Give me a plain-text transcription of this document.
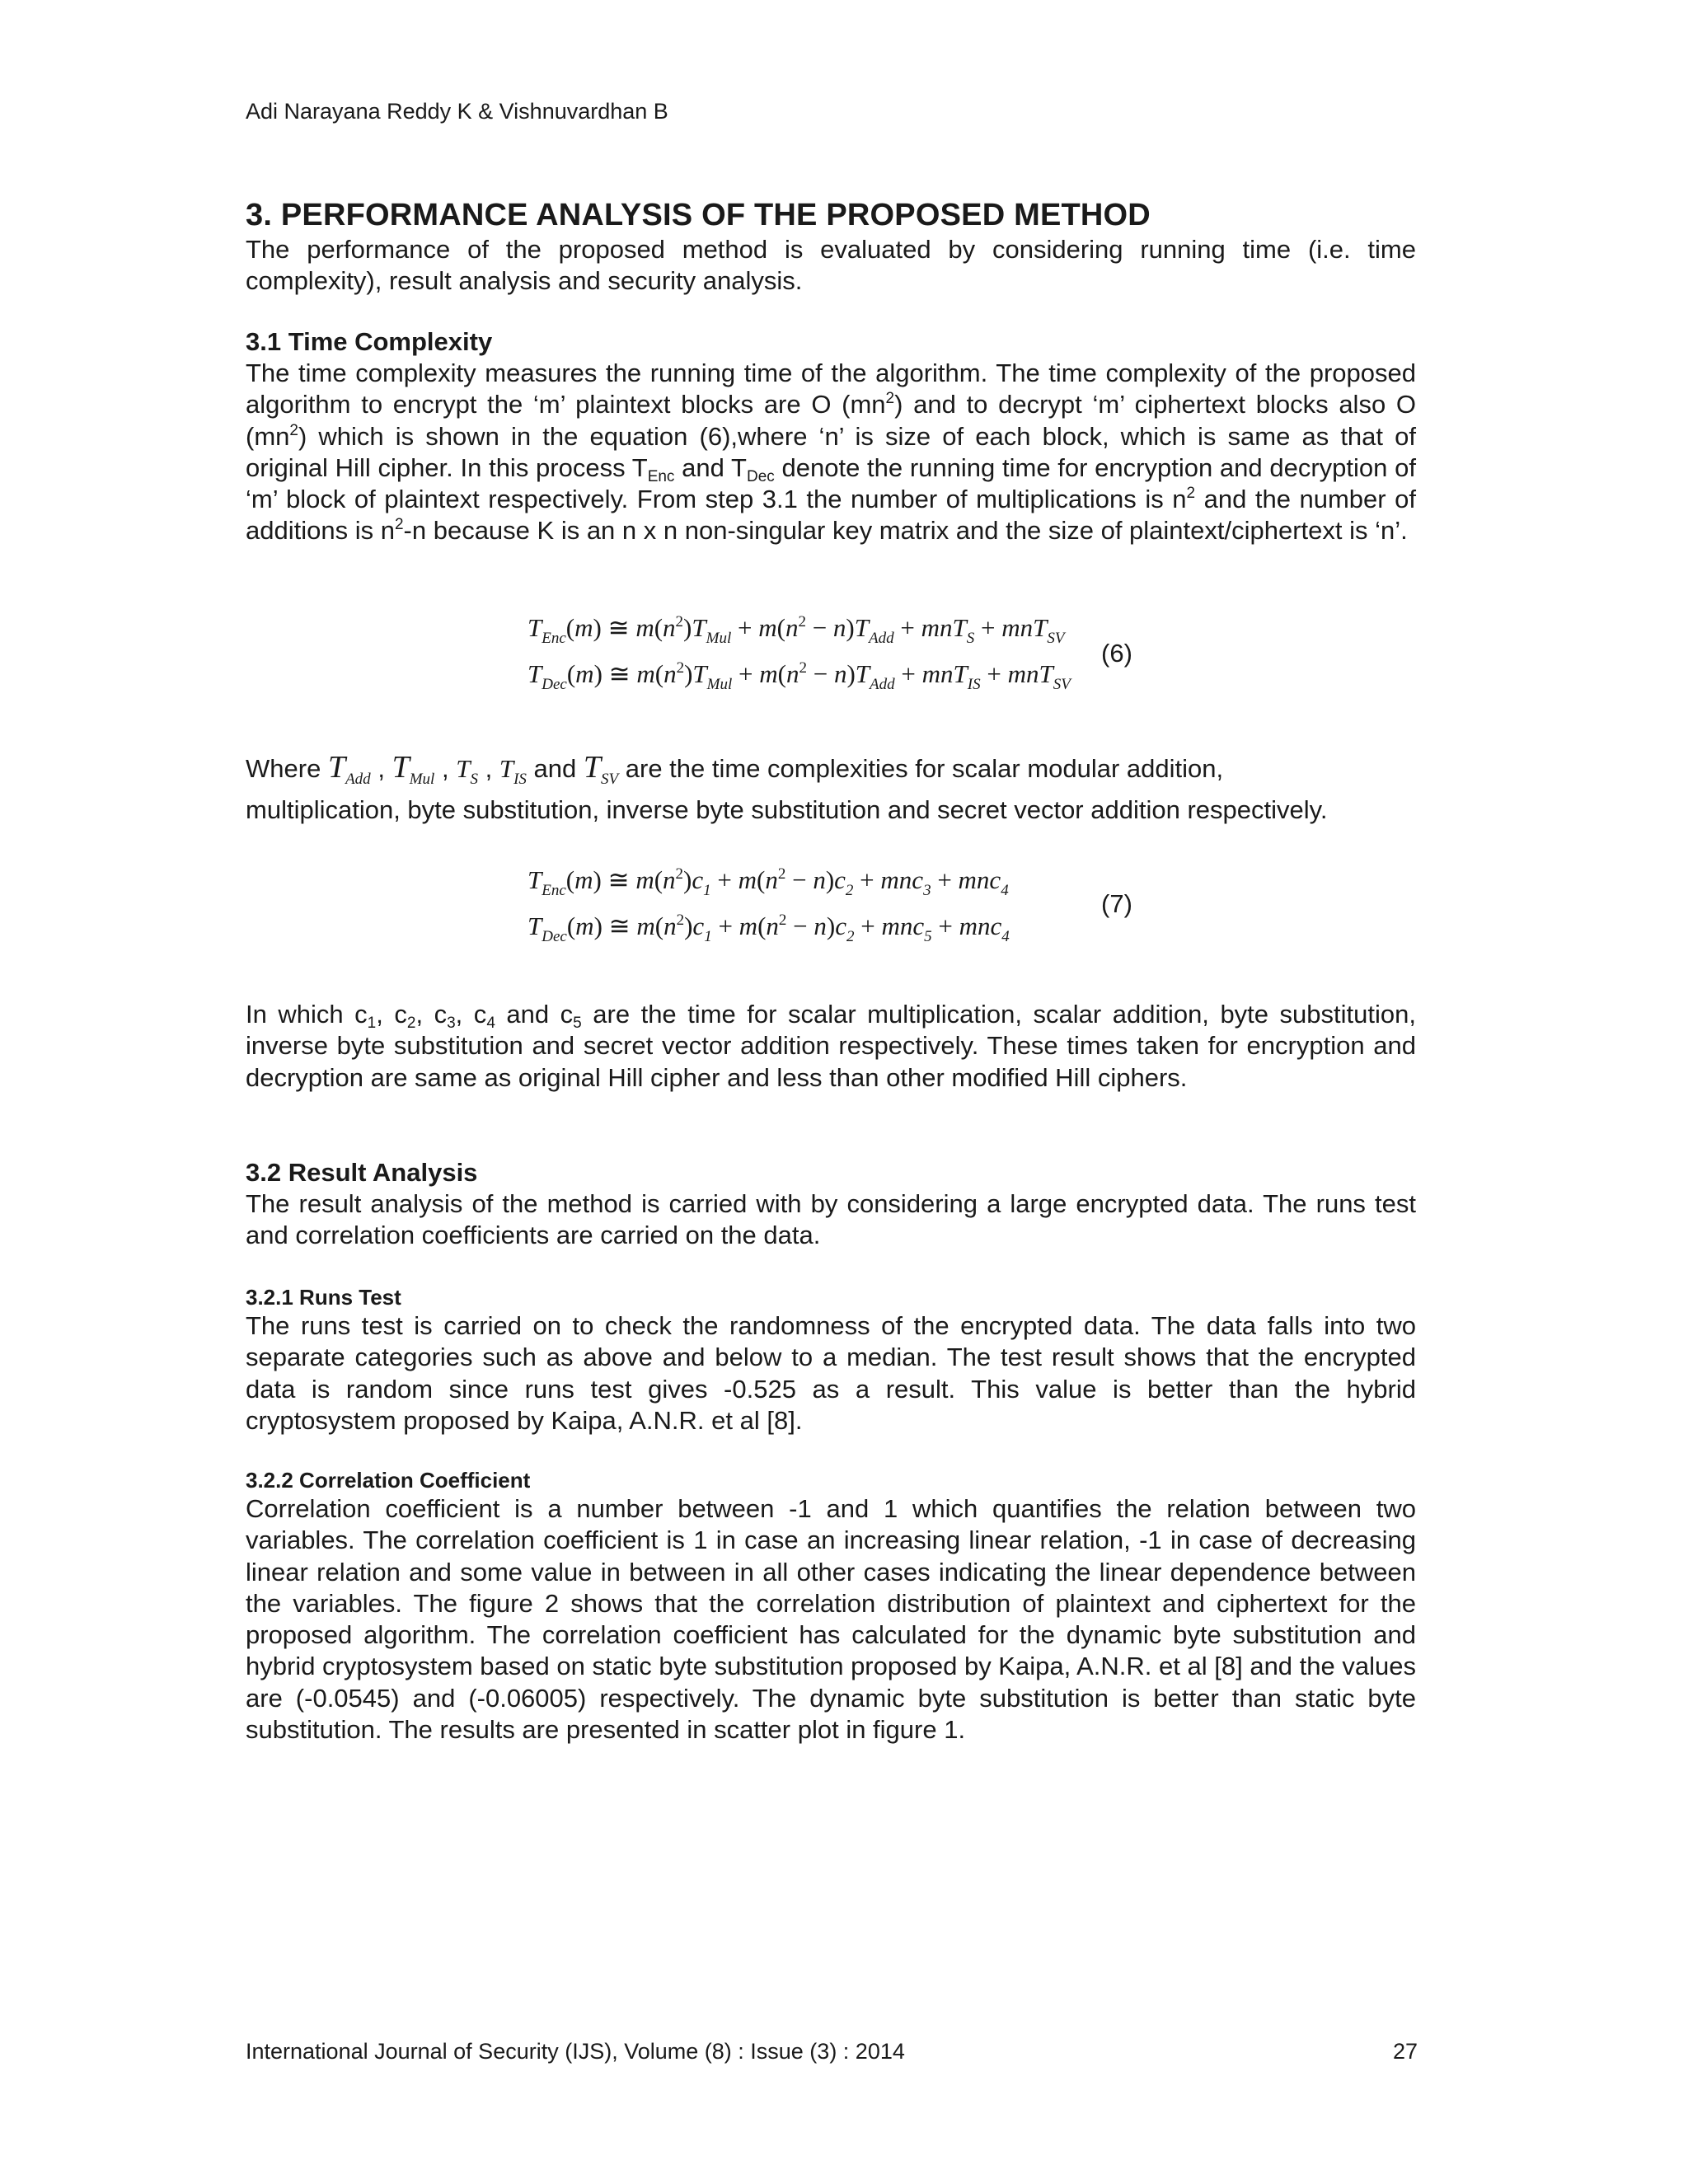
Adi Narayana Reddy K & Vishnuvardhan B
3. PERFORMANCE ANALYSIS OF THE PROPOSED METHOD

The performance of the proposed method is evaluated by considering running time (i.e. time complexity), result analysis and security analysis.

3.1 Time Complexity

The time complexity measures the running time of the algorithm. The time complexity of the proposed algorithm to encrypt the ‘m’ plaintext blocks are O $(mn^2)$ and to decrypt ‘m’ ciphertext blocks also O $(mn^2)$ which is shown in the equation (6),where ‘n’ is size of each block, which is same as that of original Hill cipher. In this process $T_{Enc}$ and $T_{Dec}$ denote the running time for encryption and decryption of ‘m’ block of plaintext respectively. From step 3.1 the number of multiplications is $n^2$ and the number of additions is $n^2-n$ because K is an n x n non-singular key matrix and the size of plaintext/ciphertext is ‘n’.

$T_{Enc}(m)$ ≅ $m(n^2)T_{Mul} + m(n^2 - n)T_{Add} + mnT_S + mnT_{SV}$
$T_{Dec}(m)$ ≅ $m(n^2)T_{Mul} + m(n^2 - n)T_{Add} + mnT_{IS} + mnT_{SV}$
(6)
Where $T_{Add}$ , $T_{Mul}$ , $T_S$ , $T_{IS}$ and $T_{SV}$ are the time complexities for scalar modular addition,
multiplication, byte substitution, inverse byte substitution and secret vector addition respectively.
$T_{Enc}(m)$ ≅ $m(n^2)c_1 + m(n^2 - n)c_2 + mnc_3 + mnc_4$
$T_{Dec}(m)$ ≅ $m(n^2)c_1 + m(n^2 - n)c_2 + mnc_5 + mnc_4$
(7)

In which $c_1$, $c_2$, $c_3$, $c_4$ and $c_5$ are the time for scalar multiplication, scalar addition, byte substitution, inverse byte substitution and secret vector addition respectively. These times taken for encryption and decryption are same as original Hill cipher and less than other modified Hill ciphers.

3.2 Result Analysis

The result analysis of the method is carried with by considering a large encrypted data. The runs test and correlation coefficients are carried on the data.

3.2.1 Runs Test

The runs test is carried on to check the randomness of the encrypted data. The data falls into two separate categories such as above and below to a median. The test result shows that the encrypted data is random since runs test gives -0.525 as a result. This value is better than the hybrid cryptosystem proposed by Kaipa, A.N.R. et al [8].

3.2.2 Correlation Coefficient

Correlation coefficient is a number between -1 and 1 which quantifies the relation between two variables. The correlation coefficient is 1 in case an increasing linear relation, -1 in case of decreasing linear relation and some value in between in all other cases indicating the linear dependence between the variables. The figure 2 shows that the correlation distribution of plaintext and ciphertext for the proposed algorithm. The correlation coefficient has calculated for the dynamic byte substitution and hybrid cryptosystem based on static byte substitution proposed by Kaipa, A.N.R. et al [8] and the values are (-0.0545) and (-0.06005) respectively. The dynamic byte substitution is better than static byte substitution. The results are presented in scatter plot in figure 1.

International Journal of Security (IJS), Volume (8) : Issue (3) : 2014	27
